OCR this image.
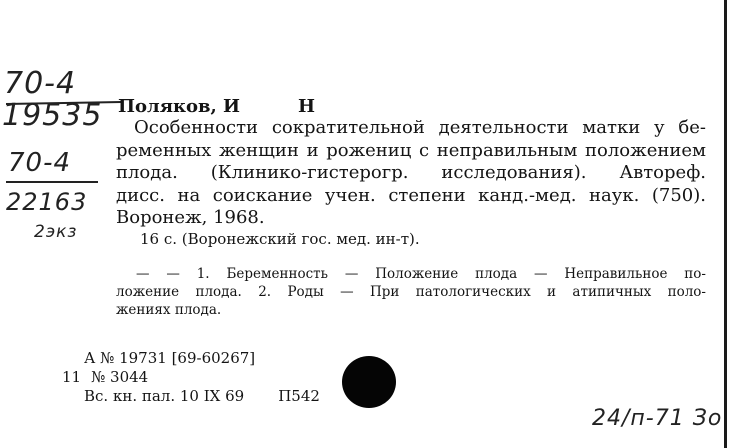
70-4
19535
70-4
22163
2экз
Поляков, И	Н
Особенности сократительной деятельности матки у бе-
ременных женщин и рожениц с неправильным положением
плода. (Клинико-гистерогр. исследования). Автореф.
дисс. на соискание учен. степени канд.-мед. наук. (750).
Воронеж, 1968.
16 с. (Воронежский гос. мед. ин-т).
— — 1. Беременность — Положение плода — Неправильное по-
ложение плода. 2. Роды — При патологических и атипичных поло-
жениях плода.
А № 19731 [69-60267]
11 № 3044
Вс. кн. пал. 10 IX 69 П542
24/п-71 Зо
